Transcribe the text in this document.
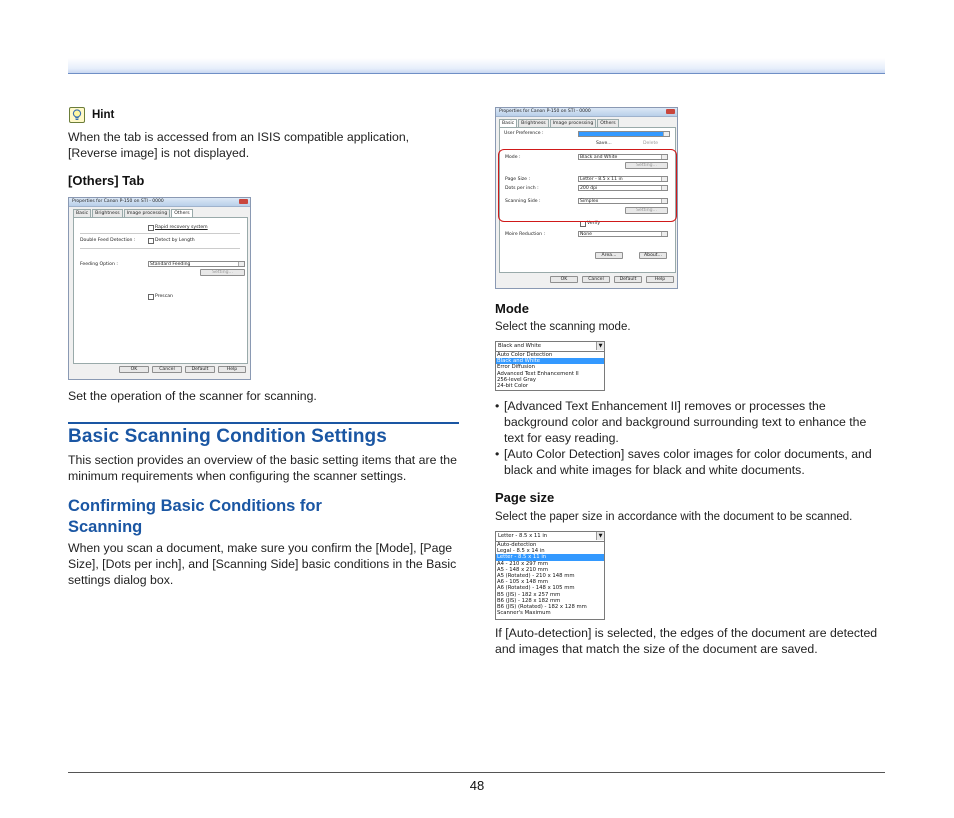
48
Hint
When the tab is accessed from an ISIS compatible application, [Reverse image] is not displayed.
[Others] Tab
Properties for Canon P-150 on STI - 0000
Basic	Brightness	Image processing	Others
Rapid recovery system
Double Feed Detection :	Detect by Length
Feeding Option :	Standard Feeding
Setting...
Prescan
OK	Cancel	Default	Help
Set the operation of the scanner for scanning.
Basic Scanning Condition Settings
This section provides an overview of the basic setting items that are the minimum requirements when configuring the scanner settings.
Confirming Basic Conditions for
Scanning
When you scan a document, make sure you confirm the [Mode], [Page Size], [Dots per inch], and [Scanning Side] basic conditions in the Basic settings dialog box.
Properties for Canon P-150 on STI - 0000
Basic	Brightness	Image processing	Others
User Preference :
Save...	Delete
Mode :	Black and White
Setting...
Page Size :	Letter - 8.5 x 11 in
Dots per inch :	200 dpi
Scanning Side :	Simplex
Setting...
Verify
Moire Reduction :	None
Area...	About...
OK	Cancel	Default	Help
Mode
Select the scanning mode.
Black and White	▼
Auto Color Detection
Black and White
Error Diffusion
Advanced Text Enhancement II
256-level Gray
24-bit Color
• [Advanced Text Enhancement II] removes or processes the background color and background surrounding text to enhance the text for easy reading.
• [Auto Color Detection] saves color images for color documents, and black and white images for black and white documents.
Page size
Select the paper size in accordance with the document to be scanned.
Letter - 8.5 x 11 in	▼
Auto-detection
Legal - 8.5 x 14 in
Letter - 8.5 x 11 in
A4 - 210 x 297 mm
A5 - 148 x 210 mm
A5 (Rotated) - 210 x 148 mm
A6 - 105 x 148 mm
A6 (Rotated) - 148 x 105 mm
B5 (JIS) - 182 x 257 mm
B6 (JIS) - 128 x 182 mm
B6 (JIS) (Rotated) - 182 x 128 mm
Scanner's Maximum
If [Auto-detection] is selected, the edges of the document are detected and images that match the size of the document are saved.
